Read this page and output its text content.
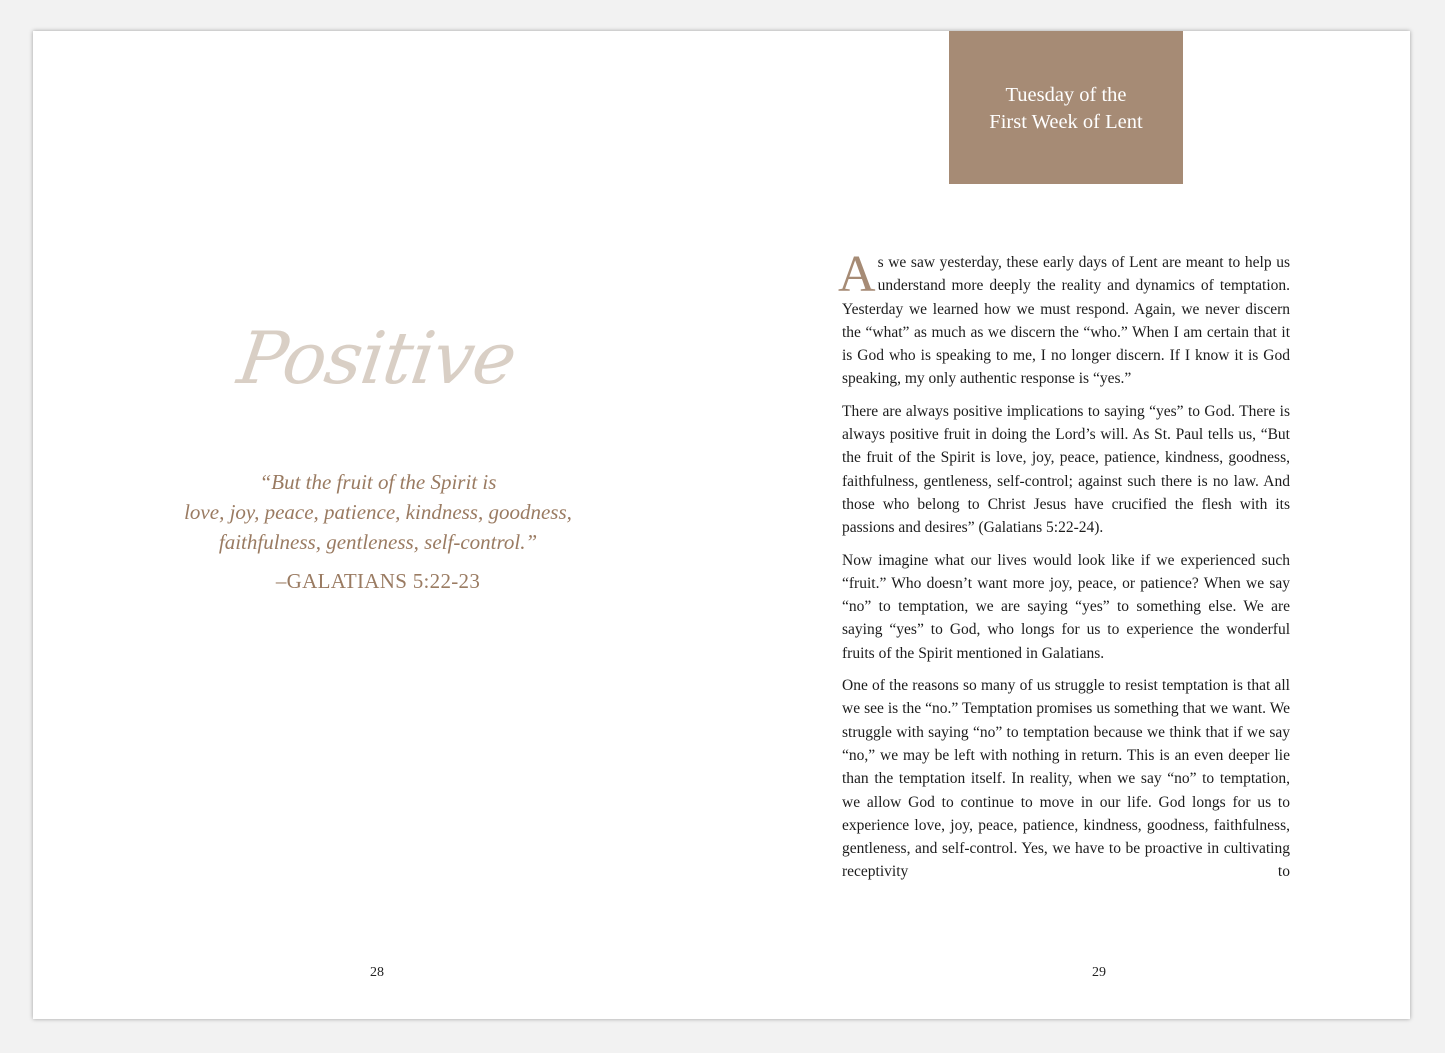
Positive
“But the fruit of the Spirit is
love, joy, peace, patience, kindness, goodness,
faithfulness, gentleness, self-control.”
–GALATIANS 5:22-23
28
Tuesday of the
First Week of Lent

As we saw yesterday, these early days of Lent are meant to help us understand more deeply the reality and dynamics of temptation. Yesterday we learned how we must respond. Again, we never discern the “what” as much as we discern the “who.” When I am certain that it is God who is speaking to me, I no longer discern. If I know it is God speaking, my only authentic response is “yes.”

There are always positive implications to saying “yes” to God. There is always positive fruit in doing the Lord’s will. As St. Paul tells us, “But the fruit of the Spirit is love, joy, peace, patience, kindness, goodness, faithfulness, gentleness, self-control; against such there is no law. And those who belong to Christ Jesus have crucified the flesh with its passions and desires” (Galatians 5:22-24).

Now imagine what our lives would look like if we experienced such “fruit.” Who doesn’t want more joy, peace, or patience? When we say “no” to temptation, we are saying “yes” to something else. We are saying “yes” to God, who longs for us to experience the wonderful fruits of the Spirit mentioned in Galatians.

One of the reasons so many of us struggle to resist temptation is that all we see is the “no.” Temptation promises us something that we want. We struggle with saying “no” to temptation because we think that if we say “no,” we may be left with nothing in return. This is an even deeper lie than the temptation itself. In reality, when we say “no” to temptation, we allow God to continue to move in our life. God longs for us to experience love, joy, peace, patience, kindness, goodness, faithfulness, gentleness, and self-control. Yes, we have to be proactive in cultivating receptivity to

29
